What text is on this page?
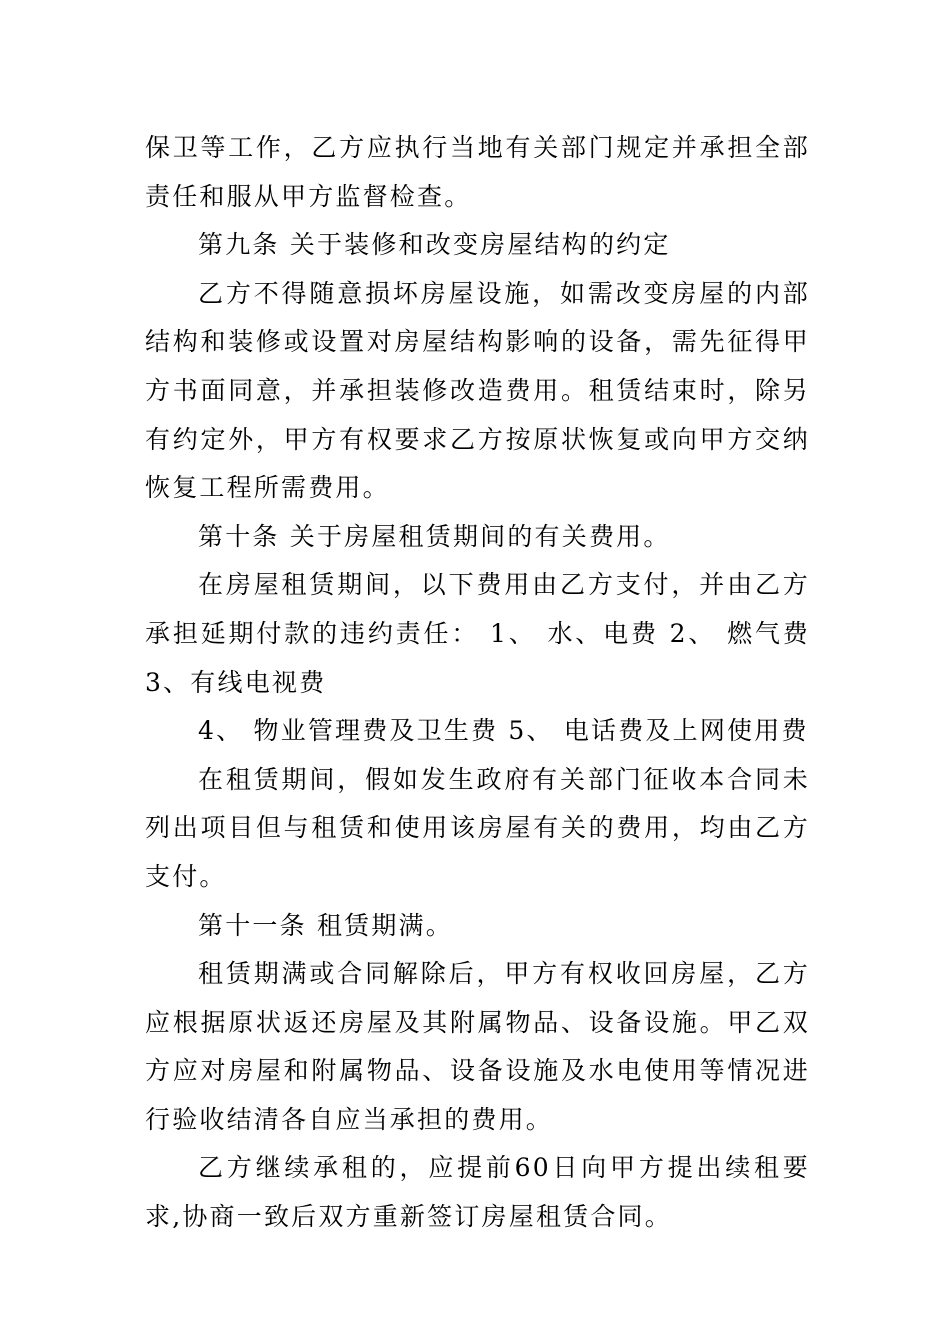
保卫等工作，乙方应执行当地有关部门规定并承担全部责任和服从甲方监督检查。

第九条 关于装修和改变房屋结构的约定

乙方不得随意损坏房屋设施，如需改变房屋的内部结构和装修或设置对房屋结构影响的设备，需先征得甲方书面同意，并承担装修改造费用。租赁结束时，除另有约定外，甲方有权要求乙方按原状恢复或向甲方交纳恢复工程所需费用。

第十条 关于房屋租赁期间的有关费用。

在房屋租赁期间，以下费用由乙方支付，并由乙方承担延期付款的违约责任： 1、 水、电费 2、 燃气费 3、有线电视费

4、 物业管理费及卫生费 5、 电话费及上网使用费

在租赁期间，假如发生政府有关部门征收本合同未列出项目但与租赁和使用该房屋有关的费用，均由乙方支付。

第十一条 租赁期满。

租赁期满或合同解除后，甲方有权收回房屋，乙方应根据原状返还房屋及其附属物品、设备设施。甲乙双方应对房屋和附属物品、设备设施及水电使用等情况进行验收结清各自应当承担的费用。

乙方继续承租的，应提前60日向甲方提出续租要求,协商一致后双方重新签订房屋租赁合同。
